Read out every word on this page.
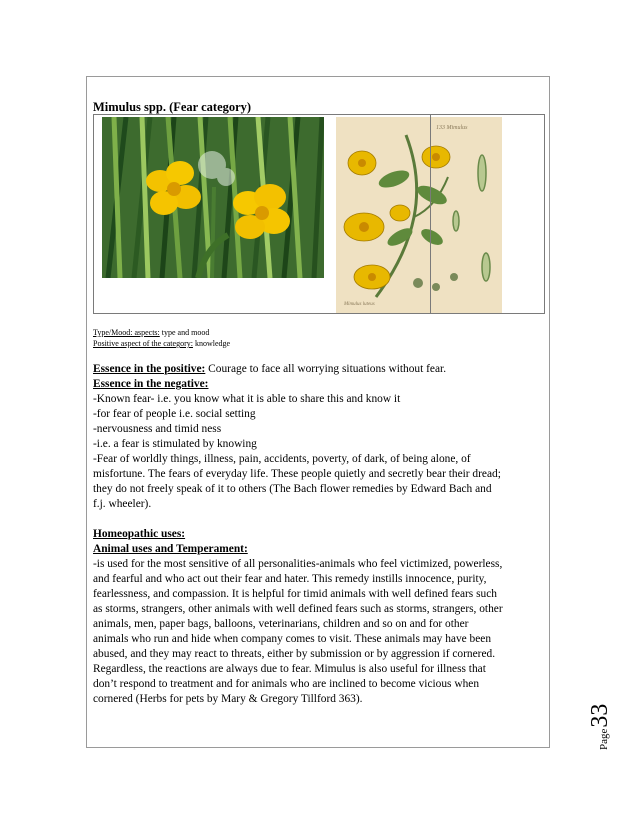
Mimulus spp. (Fear category)
133 Mimulus
Mimulus luteus
Type/Mood: aspects: type and mood
Positive aspect of the category: knowledge

Essence in the positive: Courage to face all worrying situations without fear.

Essence in the negative:

-Known fear- i.e. you know what it is able to share this and know it

-for fear of people i.e. social setting

-nervousness and timid ness

-i.e. a fear is stimulated by knowing

-Fear of worldly things, illness, pain, accidents, poverty, of dark, of being alone, of

misfortune. The fears of everyday life. These people quietly and secretly bear their dread;

they do not freely speak of it to others (The Bach flower remedies by Edward Bach and

f.j. wheeler).

Homeopathic uses:

Animal uses and Temperament:

-is used for the most sensitive of all personalities-animals who feel victimized, powerless,

and fearful and who act out their fear and hater. This remedy instills innocence, purity,

fearlessness, and compassion. It is helpful for timid animals with well defined fears such

as storms, strangers, other animals with well defined fears such as storms, strangers, other

animals, men, paper bags, balloons, veterinarians, children and so on and for other

animals who run and hide when company comes to visit. These animals may have been

abused, and they may react to threats, either by submission or by aggression if cornered.

Regardless, the reactions are always due to fear. Mimulus is also useful for illness that

don’t respond to treatment and for animals who are inclined to become vicious when

cornered (Herbs for pets by Mary & Gregory Tillford 363).

Page33
